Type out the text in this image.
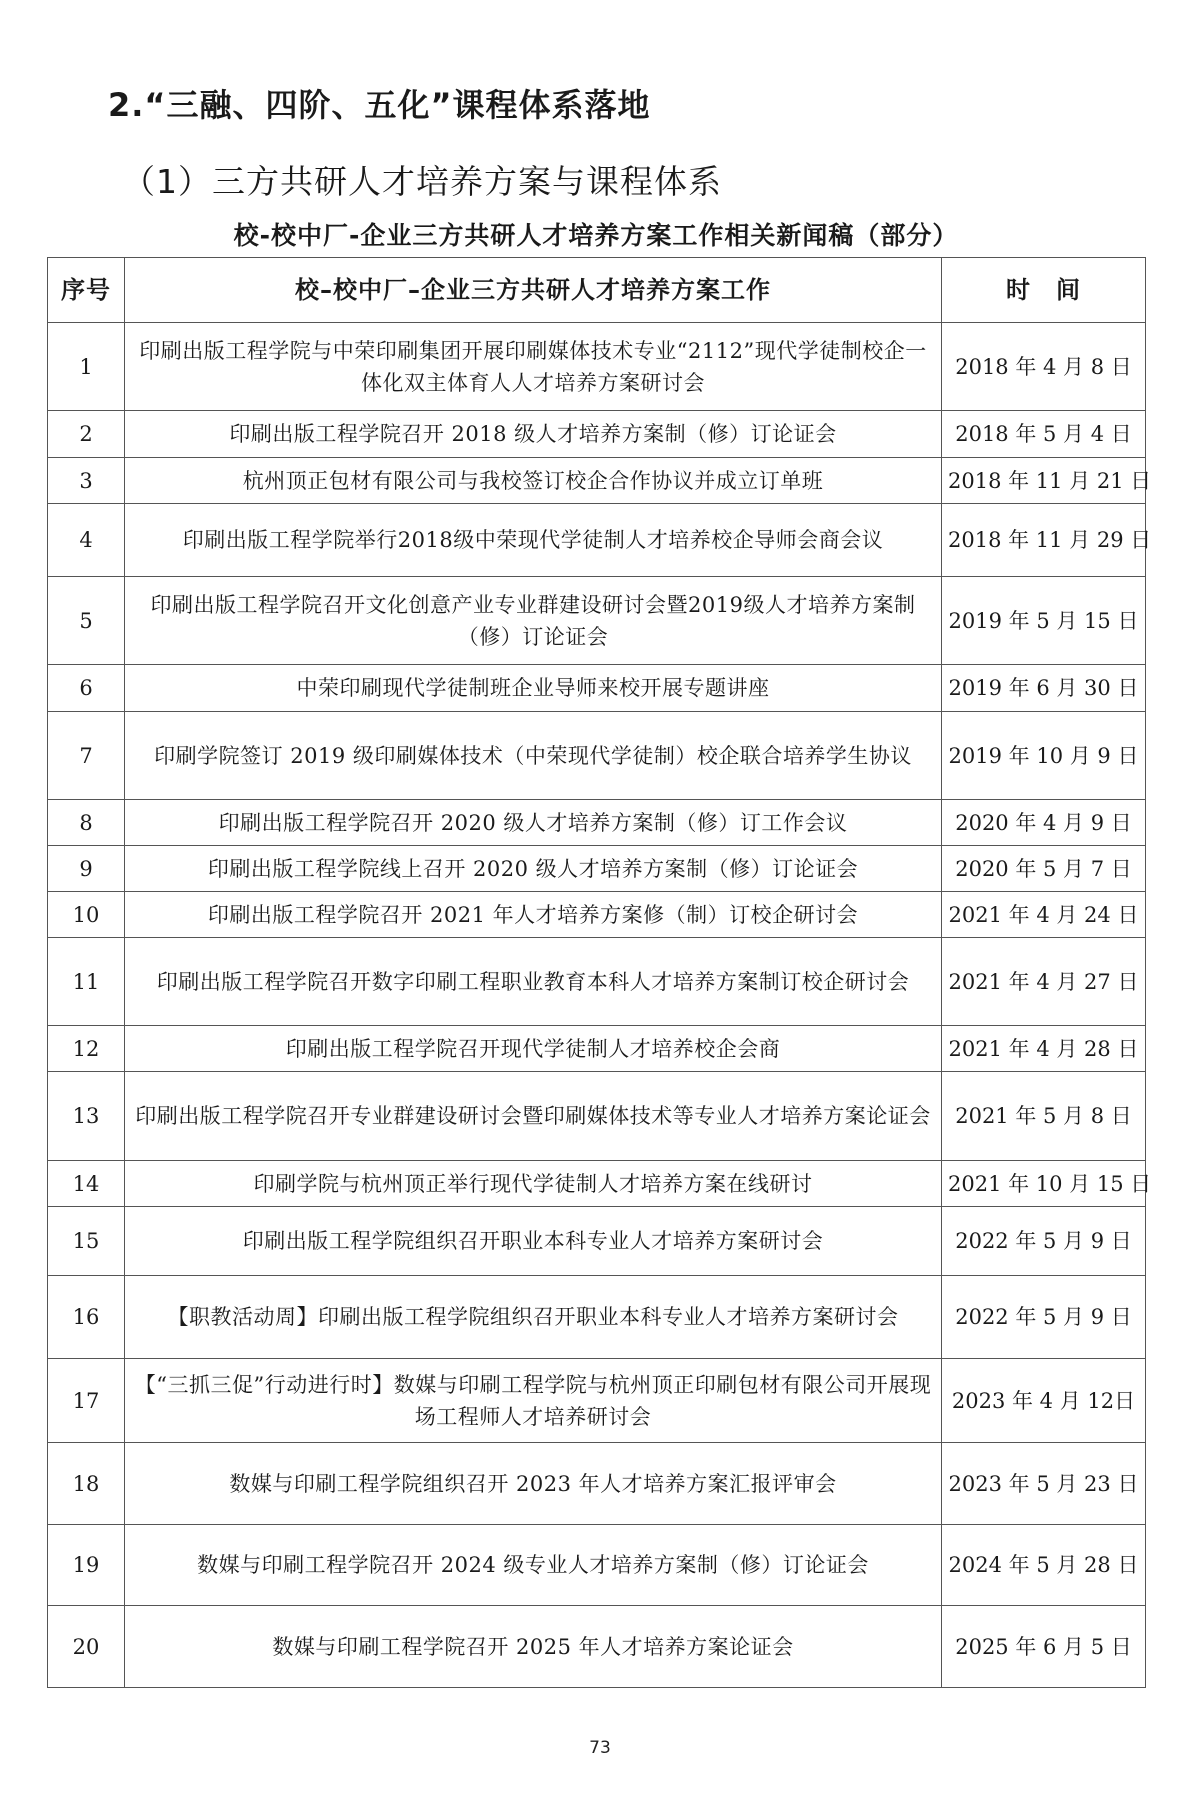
2.“三融、四阶、五化”课程体系落地
（1）三方共研人才培养方案与课程体系
校-校中厂-企业三方共研人才培养方案工作相关新闻稿（部分）
序号	校–校中厂–企业三方共研人才培养方案工作	时　间
1	印刷出版工程学院与中荣印刷集团开展印刷媒体技术专业“2112”现代学徒制校企一体化双主体育人人才培养方案研讨会	2018 年 4 月 8 日
2	印刷出版工程学院召开 2018 级人才培养方案制（修）订论证会	2018 年 5 月 4 日
3	杭州顶正包材有限公司与我校签订校企合作协议并成立订单班	2018 年 11 月 21 日
4	印刷出版工程学院举行2018级中荣现代学徒制人才培养校企导师会商会议	2018 年 11 月 29 日
5	印刷出版工程学院召开文化创意产业专业群建设研讨会暨2019级人才培养方案制（修）订论证会	2019 年 5 月 15 日
6	中荣印刷现代学徒制班企业导师来校开展专题讲座	2019 年 6 月 30 日
7	印刷学院签订 2019 级印刷媒体技术（中荣现代学徒制）校企联合培养学生协议	2019 年 10 月 9 日
8	印刷出版工程学院召开 2020 级人才培养方案制（修）订工作会议	2020 年 4 月 9 日
9	印刷出版工程学院线上召开 2020 级人才培养方案制（修）订论证会	2020 年 5 月 7 日
10	印刷出版工程学院召开 2021 年人才培养方案修（制）订校企研讨会	2021 年 4 月 24 日
11	印刷出版工程学院召开数字印刷工程职业教育本科人才培养方案制订校企研讨会	2021 年 4 月 27 日
12	印刷出版工程学院召开现代学徒制人才培养校企会商	2021 年 4 月 28 日
13	印刷出版工程学院召开专业群建设研讨会暨印刷媒体技术等专业人才培养方案论证会	2021 年 5 月 8 日
14	印刷学院与杭州顶正举行现代学徒制人才培养方案在线研讨	2021 年 10 月 15 日
15	印刷出版工程学院组织召开职业本科专业人才培养方案研讨会	2022 年 5 月 9 日
16	【职教活动周】印刷出版工程学院组织召开职业本科专业人才培养方案研讨会	2022 年 5 月 9 日
17	【“三抓三促”行动进行时】数媒与印刷工程学院与杭州顶正印刷包材有限公司开展现场工程师人才培养研讨会	2023 年 4 月 12日
18	数媒与印刷工程学院组织召开 2023 年人才培养方案汇报评审会	2023 年 5 月 23 日
19	数媒与印刷工程学院召开 2024 级专业人才培养方案制（修）订论证会	2024 年 5 月 28 日
20	数媒与印刷工程学院召开 2025 年人才培养方案论证会	2025 年 6 月 5 日
73
